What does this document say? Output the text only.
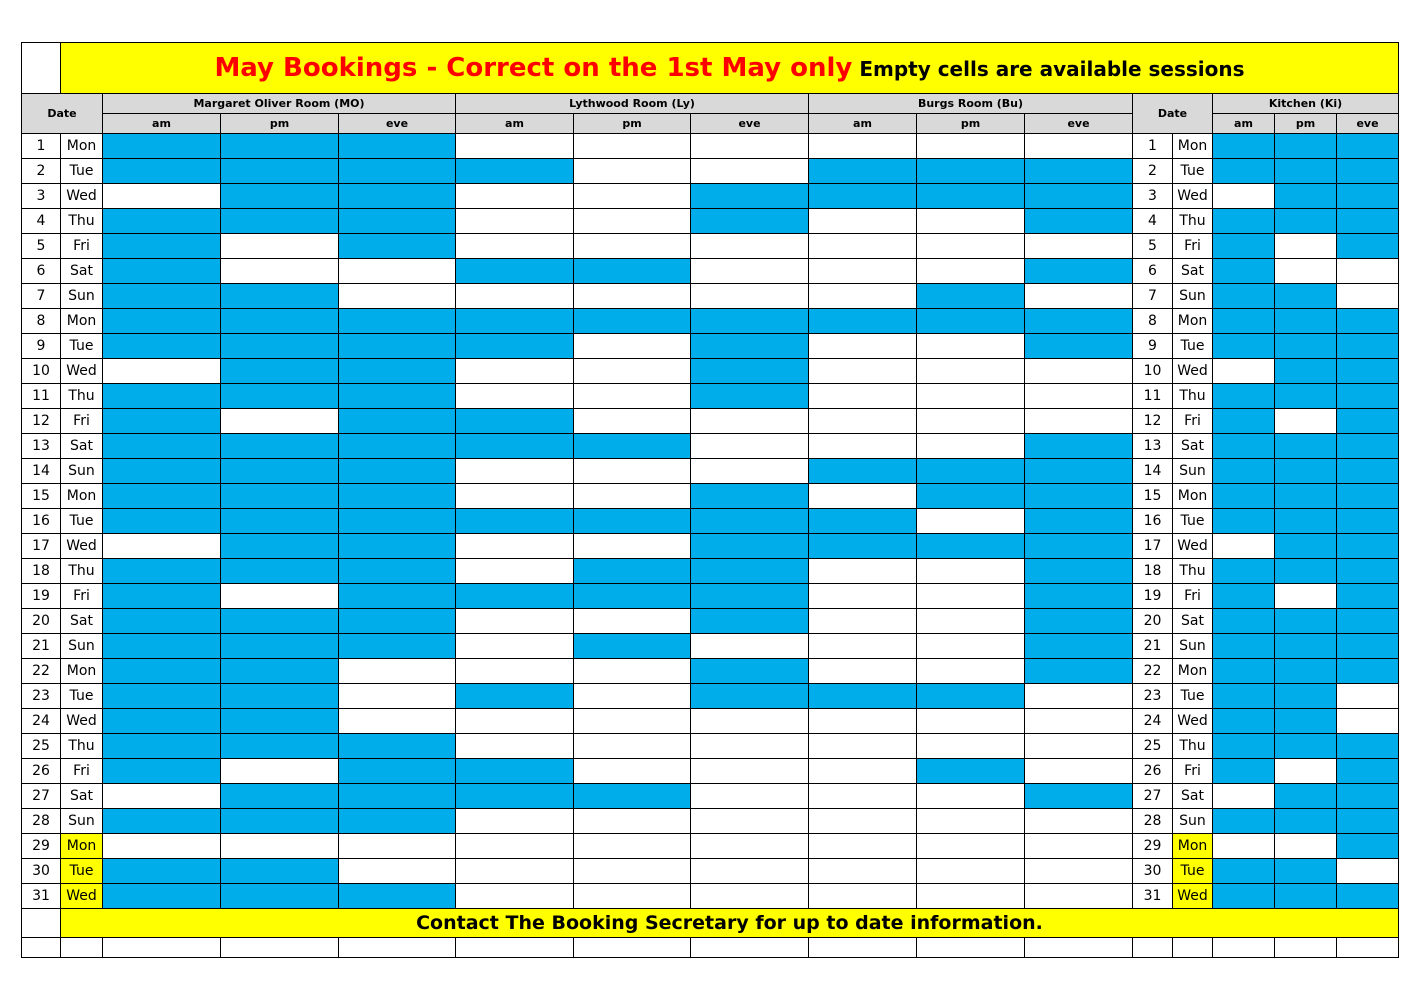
	May Bookings - Correct on the 1st May only Empty cells are available sessions														
Date		Margaret Oliver Room (MO)			Lythwood Room (Ly)			Burgs Room (Bu)			Date		Kitchen (Ki)		
		am	pm	eve	am	pm	eve	am	pm	eve			am	pm	eve
1	Mon										1	Mon			
2	Tue										2	Tue			
3	Wed										3	Wed			
4	Thu										4	Thu			
5	Fri										5	Fri			
6	Sat										6	Sat			
7	Sun										7	Sun			
8	Mon										8	Mon			
9	Tue										9	Tue			
10	Wed										10	Wed			
11	Thu										11	Thu			
12	Fri										12	Fri			
13	Sat										13	Sat			
14	Sun										14	Sun			
15	Mon										15	Mon			
16	Tue										16	Tue			
17	Wed										17	Wed			
18	Thu										18	Thu			
19	Fri										19	Fri			
20	Sat										20	Sat			
21	Sun										21	Sun			
22	Mon										22	Mon			
23	Tue										23	Tue			
24	Wed										24	Wed			
25	Thu										25	Thu			
26	Fri										26	Fri			
27	Sat										27	Sat			
28	Sun										28	Sun			
29	Mon										29	Mon			
30	Tue										30	Tue			
31	Wed										31	Wed			
	Contact The Booking Secretary for up to date information.														
